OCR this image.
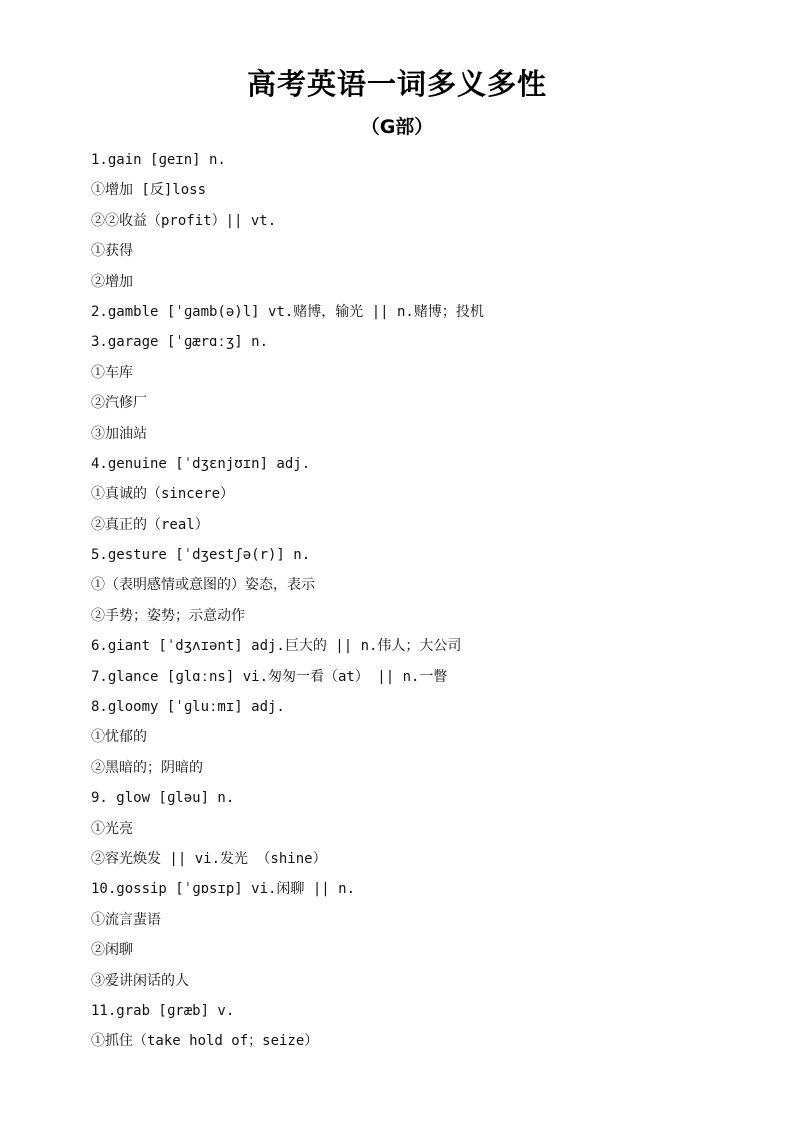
高考英语一词多义多性
（G部）
1.gain [ɡeɪn] n.
①增加 [反]loss
②②收益（profit）|| vt.
①获得
②增加
2.gamble [ˈɡamb(ə)l] vt.赌博，输光 || n.赌博；投机
3.garage [ˈɡærɑːʒ] n.
①车库
②汽修厂
③加油站
4.genuine [ˈdʒɛnjʊɪn] adj.
①真诚的（sincere）
②真正的（real）
5.gesture [ˈdʒestʃə(r)] n.
①（表明感情或意图的）姿态，表示
②手势；姿势；示意动作
6.giant [ˈdʒʌɪənt] adj.巨大的 || n.伟人；大公司
7.glance [ɡlɑːns] vi.匆匆一看（at） || n.一瞥
8.gloomy [ˈɡluːmɪ] adj.
①忧郁的
②黑暗的；阴暗的
9. glow [ɡləu] n.
①光亮
②容光焕发 || vi.发光 （shine）
10.gossip [ˈɡɒsɪp] vi.闲聊 || n.
①流言蜚语
②闲聊
③爱讲闲话的人
11.grab [ɡræb] v.
①抓住（take hold of；seize）
